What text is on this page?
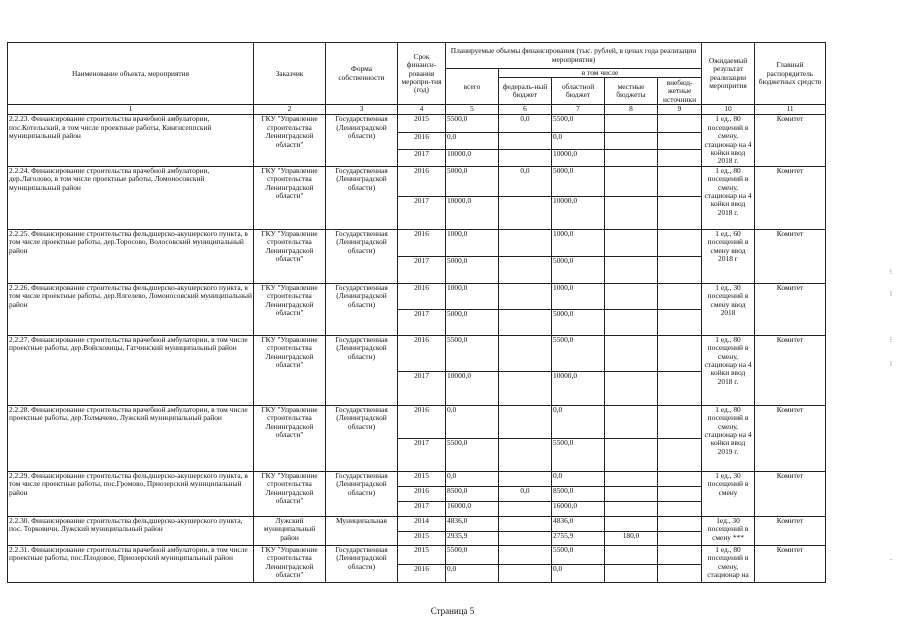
Наименование объекта, мероприятия	Заказчик	Форма собственности	Срок финанси-рования меропри-тия (год)	Планируемые объемы финансирования (тыс. рублей, в ценах года реализации мероприятия)					Ожидаемый результат реализации меропрития	Главный распорядитель бюджетных средств
				всего	в том числе					
					федераль-ный бюджет	областной бюджет	местные бюджеты	внебюд-жетные источники		
1	2	3	4	5	6	7	8	9	10	11
2.2.23. Финансирование строительства врачебной амбулатории, пос.Котельский, в том числе проектные работы, Кингисеппский муниципальный район	ГКУ "Управление строительства Ленинградской области"	Государственная (Ленинградской области)	2015	5500,0	0,0	5500,0			1 ед., 80 посещений в смену, стационар на 4 койки ввод 2018 г.	Комитет
			2016	0,0		0,0				
			2017	10000,0		10000,0				
2.2.24. Финансирование строительства врачебной амбулатории, дер.Лаголово, в том числе проектные работы, Ломоносовский муниципальный район	ГКУ "Управление строительства Ленинградской области"	Государственная (Ленинградской области)	2016	5000,0	0,0	5000,0			1 ед., 80 посещений в смену, стационар на 4 койки ввод 2018 г.	Комитет
			2017	10000,0		10000,0				
2.2.25. Финансирование строительства фельдшерско-акушерского пункта, в том числе проектные работы, дер.Торосово, Волосовский муниципальный район	ГКУ "Управление строительства Ленинградской области"	Государственная (Ленинградской области)	2016	1000,0		1000,0			1 ед., 60 посещений в смену ввод 2018 г	Комитет
			2017	5000,0		5000,0				
2.2.26. Финансирование строительства фельдшерско-акушерского пункта, в том числе проектные работы, дер.Ялгелево, Ломоносовский муниципальный район	ГКУ "Управление строительства Ленинградской области"	Государственная (Ленинградской области)	2016	1000,0		1000,0			1 ед., 30 посещений в смену ввод 2018	Комитет
			2017	5000,0		5000,0				
2.2.27. Финансирование строительства врачебной амбулатории, в том числе проектные работы, дер.Войсковицы, Гатчинский муниципальный район	ГКУ "Управление строительства Ленинградской области"	Государственная (Ленинградской области)	2016	5500,0		5500,0			1 ед., 80 посещений в смену, стационар на 4 койки ввод 2018 г.	Комитет
			2017	10000,0		10000,0				
2.2.28. Финансирование строительства врачебной амбулатории, в том числе проектные работы, дер.Толмачево, Лужский муниципальный район	ГКУ "Управление строительства Ленинградской области"	Государственная (Ленинградской области)	2016	0,0		0,0			1 ед., 80 посещений в смену, стационар на 4 койки ввод 2019 г.	Комитет
			2017	5500,0		5500,0				
2.2.29. Финансирование строительства фельдшерско-акушерского пункта, в том числе проектные работы, пос.Громово, Приозерский муниципальный район	ГКУ "Управление строительства Ленинградской области"	Государственная (Ленинградской области)	2015	0,0		0,0			1 ед., 30 посещений в смену	Комитет
			2016	8500,0	0,0	8500,0				
			2017	16000,0		16000,0				
2.2.30. Финансирование строительства фельдшерско-акушерского пункта, пос. Торковичи, Лужский муниципальный район	Лужский муниципальный район	Муниципальная	2014	4836,0		4836,0			1ед., 30 посещений в смену ***	Комитет
			2015	2935,9		2755,9	180,0			
2.2.31. Финансирование строительства врачебной амбулатории, в том числе проектные работы, пос.Плодовое, Приозерский муниципальный район	ГКУ "Управление строительства Ленинградской области"	Государственная (Ленинградской области)	2015	5500,0		5500,0			1 ед., 80 посещений в смену, стационар на	Комитет
			2016	0,0		0,0				
⁝
⁞
⁝
⁞
ᵕ
Страница 5
